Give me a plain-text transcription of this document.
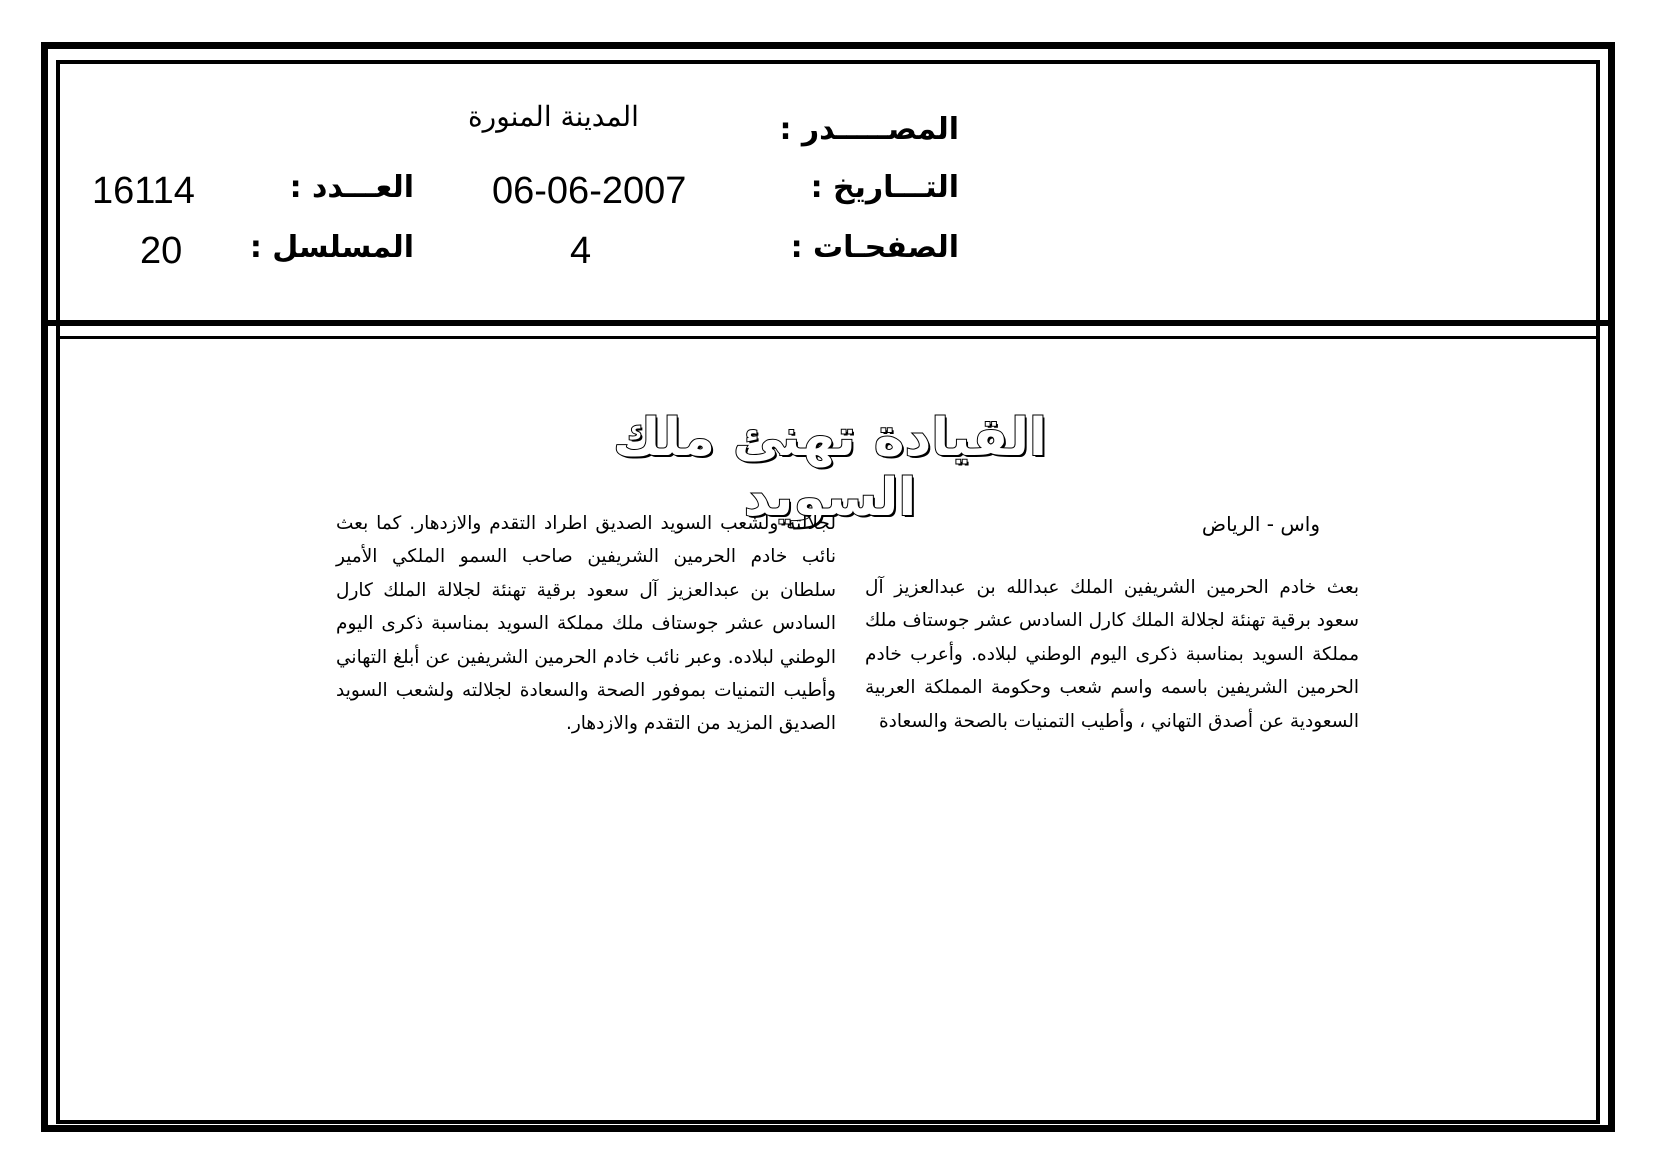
المصـــــدر :
المدينة المنورة
التـــاريخ :
06-06-2007
العـــدد :
16114
الصفحـات :
4
المسلسل :
20
القيادة تهنئ ملك السويد	واس - الرياض

بعث خادم الحرمين الشريفين الملك عبدالله بن عبدالعزيز آل سعود برقية تهنئة لجلالة الملك كارل السادس عشر جوستاف ملك مملكة السويد بمناسبة ذكرى اليوم الوطني لبلاده. وأعرب خادم الحرمين الشريفين باسمه واسم شعب وحكومة المملكة العربية السعودية عن أصدق التهاني ، وأطيب التمنيات بالصحة والسعادة

لجلالته ولشعب السويد الصديق اطراد التقدم والازدهار. كما بعث نائب خادم الحرمين الشريفين صاحب السمو الملكي الأمير سلطان بن عبدالعزيز آل سعود برقية تهنئة لجلالة الملك كارل السادس عشر جوستاف ملك مملكة السويد بمناسبة ذكرى اليوم الوطني لبلاده. وعبر نائب خادم الحرمين الشريفين عن أبلغ التهاني وأطيب التمنيات بموفور الصحة والسعادة لجلالته ولشعب السويد الصديق المزيد من التقدم والازدهار.
